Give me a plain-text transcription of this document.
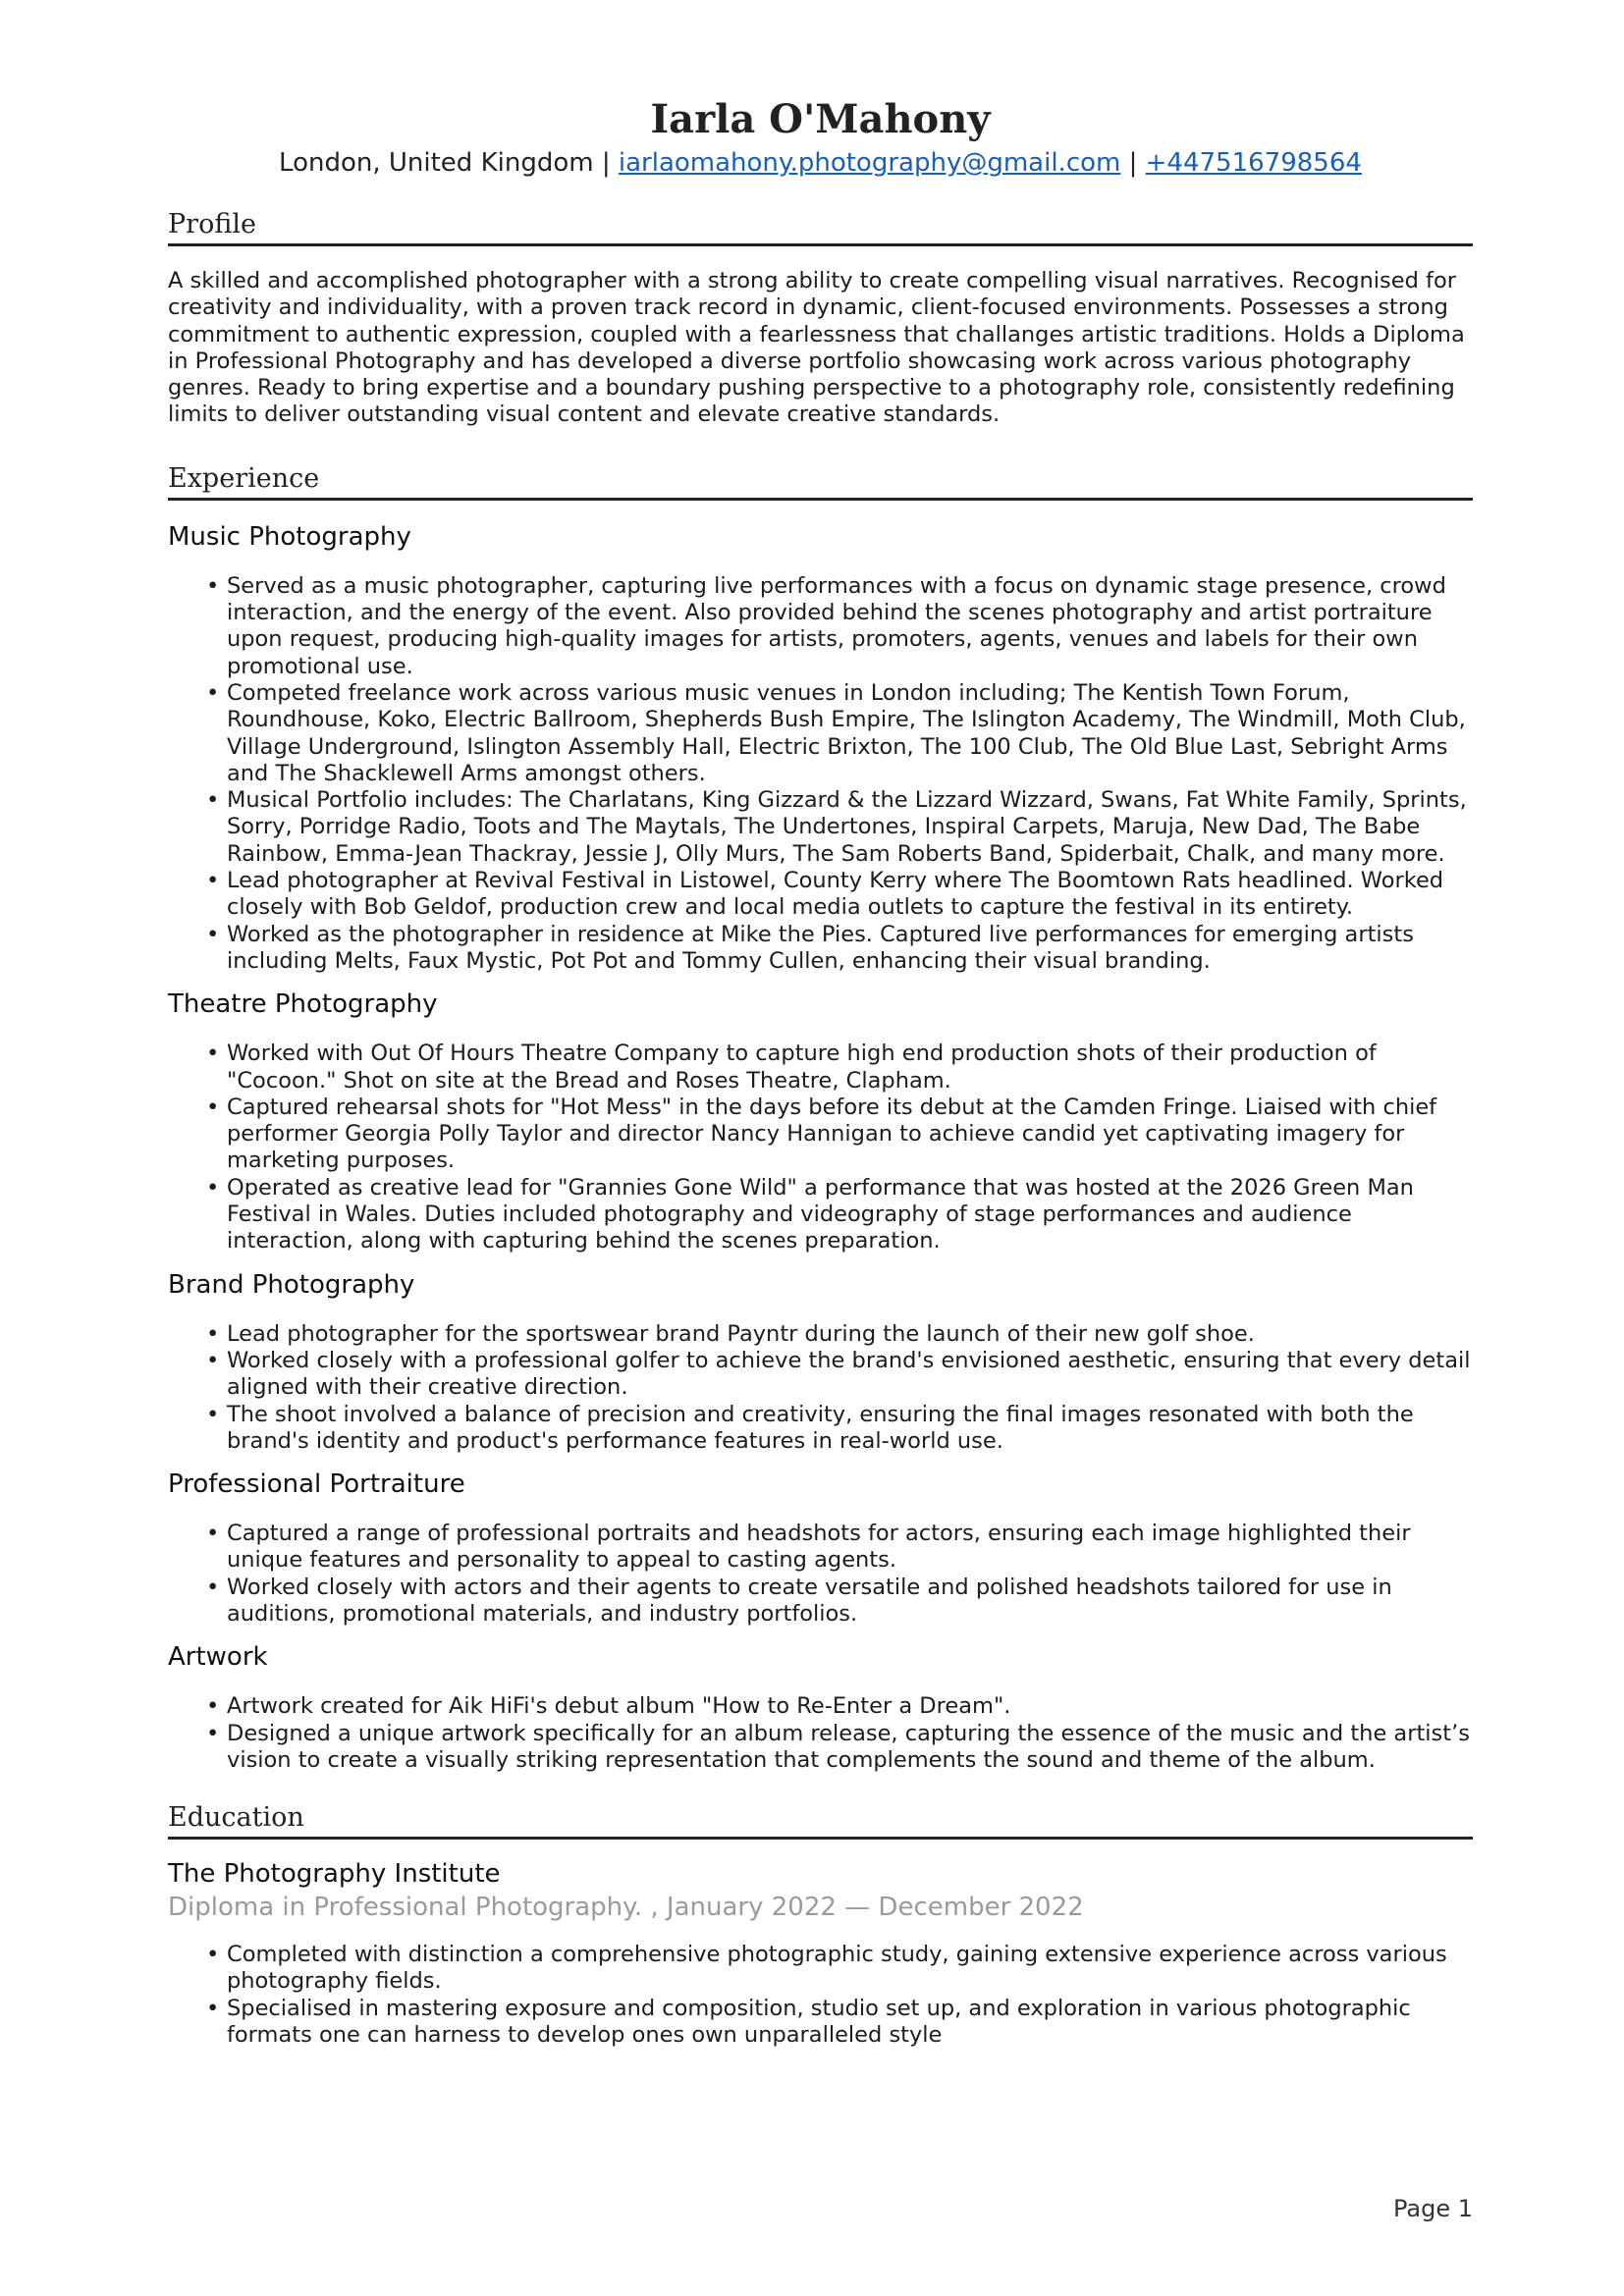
Iarla O'Mahony
London, United Kingdom | iarlaomahony.photography@gmail.com | +447516798564
Profile

A skilled and accomplished photographer with a strong ability to create compelling visual narratives. Recognised for creativity and individuality, with a proven track record in dynamic, client-focused environments. Possesses a strong commitment to authentic expression, coupled with a fearlessness that challanges artistic traditions. Holds a Diploma in Professional Photography and has developed a diverse portfolio showcasing work across various photography genres. Ready to bring expertise and a boundary pushing perspective to a photography role, consistently redefining limits to deliver outstanding visual content and elevate creative standards.

Experience
Music Photography
• Served as a music photographer, capturing live performances with a focus on dynamic stage presence, crowd interaction, and the energy of the event. Also provided behind the scenes photography and artist portraiture upon request, producing high-quality images for artists, promoters, agents, venues and labels for their own promotional use.
• Competed freelance work across various music venues in London including; The Kentish Town Forum, Roundhouse, Koko, Electric Ballroom, Shepherds Bush Empire, The Islington Academy, The Windmill, Moth Club, Village Underground, Islington Assembly Hall, Electric Brixton, The 100 Club, The Old Blue Last, Sebright Arms and The Shacklewell Arms amongst others.
• Musical Portfolio includes: The Charlatans, King Gizzard & the Lizzard Wizzard, Swans, Fat White Family, Sprints, Sorry, Porridge Radio, Toots and The Maytals, The Undertones, Inspiral Carpets, Maruja, New Dad, The Babe Rainbow, Emma-Jean Thackray, Jessie J, Olly Murs, The Sam Roberts Band, Spiderbait, Chalk, and many more.
• Lead photographer at Revival Festival in Listowel, County Kerry where The Boomtown Rats headlined. Worked closely with Bob Geldof, production crew and local media outlets to capture the festival in its entirety.
• Worked as the photographer in residence at Mike the Pies. Captured live performances for emerging artists including Melts, Faux Mystic, Pot Pot and Tommy Cullen, enhancing their visual branding.
Theatre Photography
• Worked with Out Of Hours Theatre Company to capture high end production shots of their production of "Cocoon." Shot on site at the Bread and Roses Theatre, Clapham.
• Captured rehearsal shots for "Hot Mess" in the days before its debut at the Camden Fringe. Liaised with chief performer Georgia Polly Taylor and director Nancy Hannigan to achieve candid yet captivating imagery for marketing purposes.
• Operated as creative lead for "Grannies Gone Wild" a performance that was hosted at the 2026 Green Man Festival in Wales. Duties included photography and videography of stage performances and audience interaction, along with capturing behind the scenes preparation.
Brand Photography
• Lead photographer for the sportswear brand Payntr during the launch of their new golf shoe.
• Worked closely with a professional golfer to achieve the brand's envisioned aesthetic, ensuring that every detail aligned with their creative direction.
• The shoot involved a balance of precision and creativity, ensuring the final images resonated with both the brand's identity and product's performance features in real-world use.
Professional Portraiture
• Captured a range of professional portraits and headshots for actors, ensuring each image highlighted their unique features and personality to appeal to casting agents.
• Worked closely with actors and their agents to create versatile and polished headshots tailored for use in auditions, promotional materials, and industry portfolios.
Artwork
• Artwork created for Aik HiFi's debut album "How to Re-Enter a Dream".
• Designed a unique artwork specifically for an album release, capturing the essence of the music and the artist’s vision to create a visually striking representation that complements the sound and theme of the album.
Education
The Photography Institute
Diploma in Professional Photography. , January 2022 — December 2022
• Completed with distinction a comprehensive photographic study, gaining extensive experience across various photography fields.
• Specialised in mastering exposure and composition, studio set up, and exploration in various photographic formats one can harness to develop ones own unparalleled style
Page 1
